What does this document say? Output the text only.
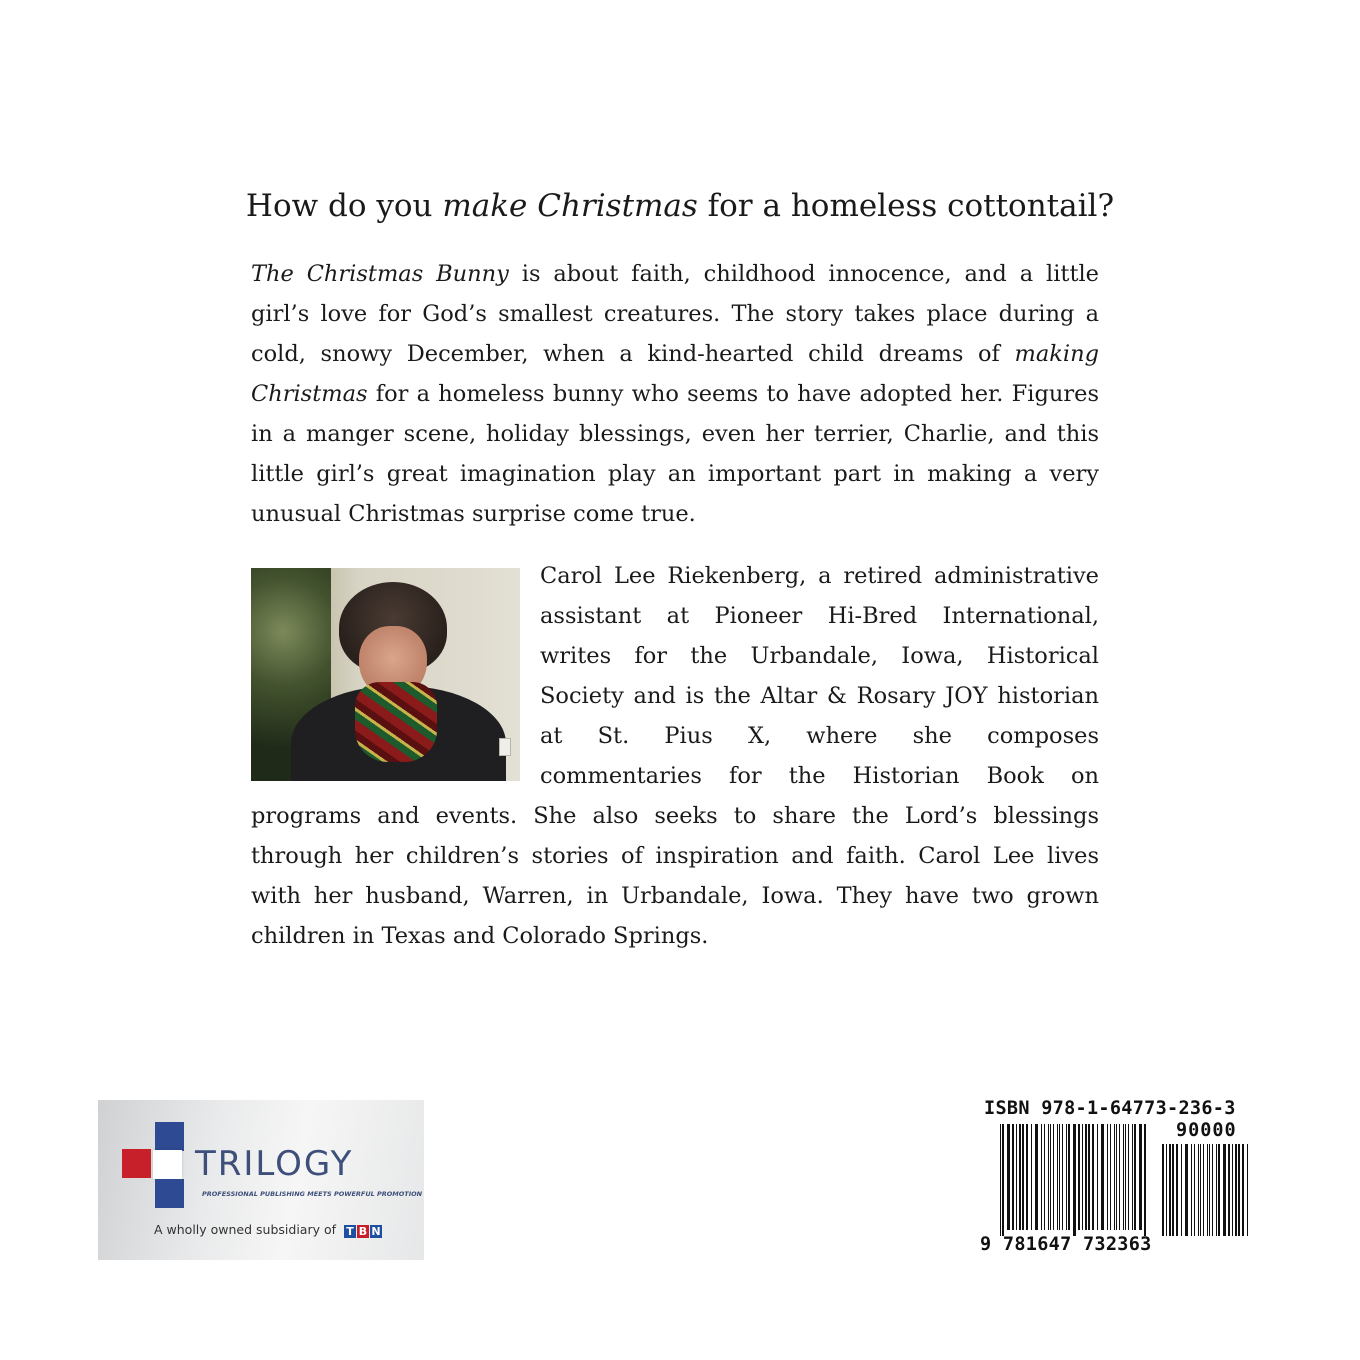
How do you make Christmas for a homeless cottontail?

The Christmas Bunny is about faith, childhood innocence, and a little girl’s love for God’s smallest creatures. The story takes place during a cold, snowy December, when a kind-hearted child dreams of making Christmas for a homeless bunny who seems to have adopted her. Figures in a manger scene, holiday blessings, even her terrier, Charlie, and this little girl’s great imagination play an important part in making a very unusual Christmas surprise come true.

Carol Lee Riekenberg, a retired administrative assistant at Pioneer Hi-Bred International, writes for the Urbandale, Iowa, Historical Society and is the Altar & Rosary JOY historian at St. Pius X, where she composes commentaries for the Historian Book on programs and events. She also seeks to share the Lord’s blessings through her children’s stories of inspiration and faith. Carol Lee lives with her husband, Warren, in Urbandale, Iowa. They have two grown children in Texas and Colorado Springs.
TRILOGY
PROFESSIONAL PUBLISHING MEETS POWERFUL PROMOTION
A wholly owned subsidiary of T B N
ISBN 978-1-64773-236-3
90000
9 781647 732363
